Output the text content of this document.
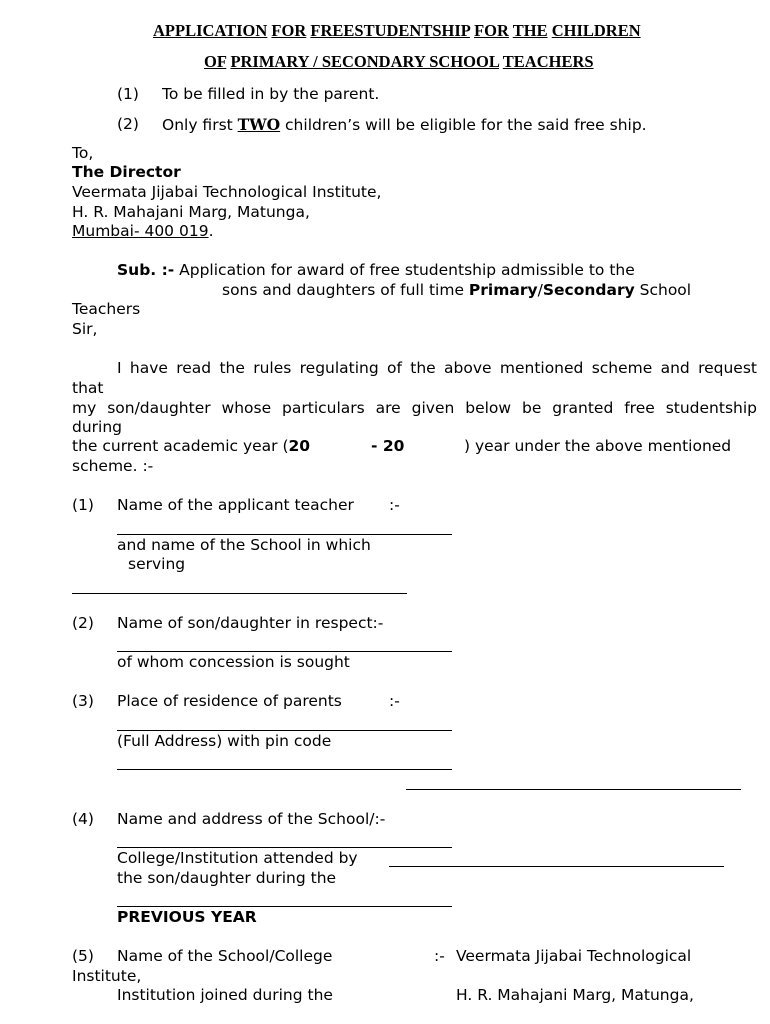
APPLICATION FOR FREESTUDENTSHIP FOR THE CHILDREN
OF PRIMARY / SECONDARY SCHOOL TEACHERS
(1) To be filled in by the parent.
(2) Only first TWO children’s will be eligible for the said free ship.
To,
The Director
Veermata Jijabai Technological Institute,
H. R. Mahajani Marg, Matunga,
Mumbai- 400 019.
Sub. :- Application for award of free studentship admissible to the
sons and daughters of full time Primary/Secondary School
Teachers
Sir,
I have read the rules regulating of the above mentioned scheme and request
that
my son/daughter whose particulars are given below be granted free studentship
during
the current academic year (20	- 20	) year under the above mentioned
scheme. :-
(1) Name of the applicant teacher :-
and name of the School in which
serving
(2) Name of son/daughter in respect:-
of whom concession is sought
(3) Place of residence of parents	:-
(Full Address) with pin code
(4) Name and address of the School/:-
College/Institution attended by
the son/daughter during the
PREVIOUS YEAR
(5) Name of the School/College	:- Veermata Jijabai Technological
Institute,
Institution joined during the	H. R. Mahajani Marg, Matunga,
